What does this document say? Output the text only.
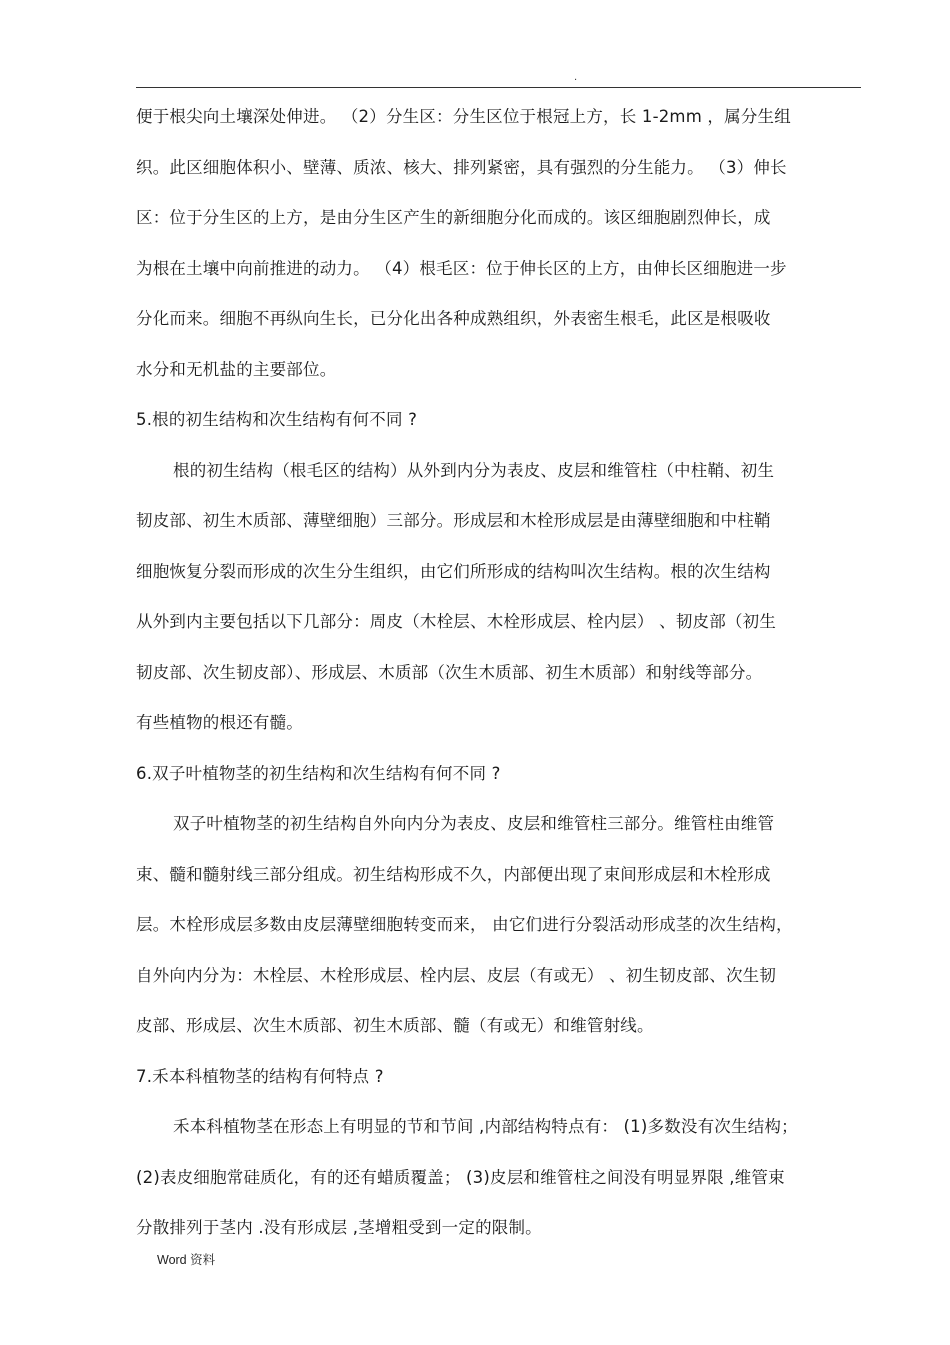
.
便于根尖向土壤深处伸进。 （2）分生区：分生区位于根冠上方，长 1-2mm ，属分生组
织。此区细胞体积小、壁薄、质浓、核大、排列紧密，具有强烈的分生能力。 （3）伸长
区：位于分生区的上方，是由分生区产生的新细胞分化而成的。该区细胞剧烈伸长，成
为根在土壤中向前推进的动力。 （4）根毛区：位于伸长区的上方，由伸长区细胞进一步
分化而来。细胞不再纵向生长，已分化出各种成熟组织，外表密生根毛，此区是根吸收
水分和无机盐的主要部位。
5.根的初生结构和次生结构有何不同 ?
根的初生结构（根毛区的结构）从外到内分为表皮、皮层和维管柱（中柱鞘、初生
韧皮部、初生木质部、薄壁细胞）三部分。形成层和木栓形成层是由薄壁细胞和中柱鞘
细胞恢复分裂而形成的次生分生组织，由它们所形成的结构叫次生结构。根的次生结构
从外到内主要包括以下几部分：周皮（木栓层、木栓形成层、栓内层） 、韧皮部（初生
韧皮部、次生韧皮部）、形成层、木质部（次生木质部、初生木质部）和射线等部分。
有些植物的根还有髓。
6.双子叶植物茎的初生结构和次生结构有何不同 ?
双子叶植物茎的初生结构自外向内分为表皮、皮层和维管柱三部分。维管柱由维管
束、髓和髓射线三部分组成。初生结构形成不久，内部便出现了束间形成层和木栓形成
层。木栓形成层多数由皮层薄壁细胞转变而来， 由它们进行分裂活动形成茎的次生结构，
自外向内分为：木栓层、木栓形成层、栓内层、皮层（有或无） 、初生韧皮部、次生韧
皮部、形成层、次生木质部、初生木质部、髓（有或无）和维管射线。
7.禾本科植物茎的结构有何特点 ?
禾本科植物茎在形态上有明显的节和节间 ,内部结构特点有： (1)多数没有次生结构；
(2)表皮细胞常硅质化，有的还有蜡质覆盖； (3)皮层和维管柱之间没有明显界限 ,维管束
分散排列于茎内 .没有形成层 ,茎增粗受到一定的限制。
Word 资料
